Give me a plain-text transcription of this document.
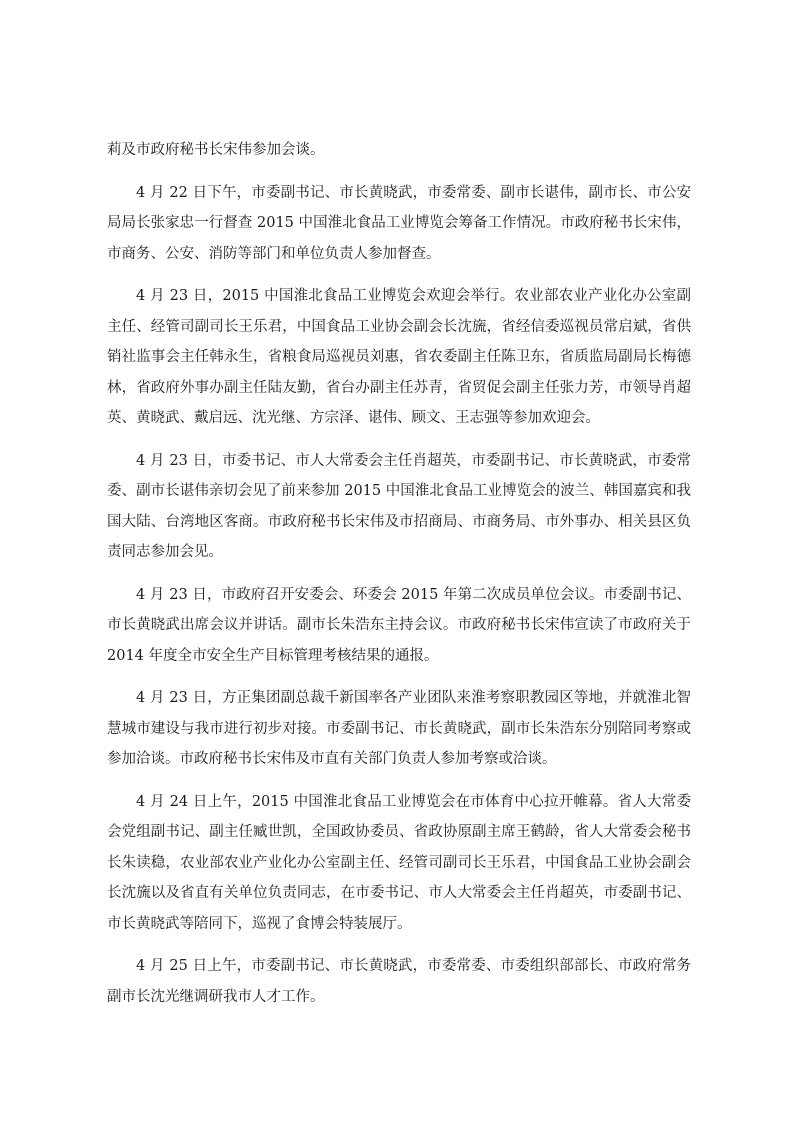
莉及市政府秘书长宋伟参加会谈。

4 月 22 日下午，市委副书记、市长黄晓武，市委常委、副市长谌伟，副市长、市公安局局长张家忠一行督查 2015 中国淮北食品工业博览会筹备工作情况。市政府秘书长宋伟，市商务、公安、消防等部门和单位负责人参加督查。

4 月 23 日，2015 中国淮北食品工业博览会欢迎会举行。农业部农业产业化办公室副主任、经管司副司长王乐君，中国食品工业协会副会长沈旒，省经信委巡视员常启斌，省供销社监事会主任韩永生，省粮食局巡视员刘惠，省农委副主任陈卫东，省质监局副局长梅德林，省政府外事办副主任陆友勤，省台办副主任苏青，省贸促会副主任张力芳，市领导肖超英、黄晓武、戴启远、沈光继、方宗泽、谌伟、顾文、王志强等参加欢迎会。

4 月 23 日，市委书记、市人大常委会主任肖超英，市委副书记、市长黄晓武，市委常委、副市长谌伟亲切会见了前来参加 2015 中国淮北食品工业博览会的波兰、韩国嘉宾和我国大陆、台湾地区客商。市政府秘书长宋伟及市招商局、市商务局、市外事办、相关县区负责同志参加会见。

4 月 23 日，市政府召开安委会、环委会 2015 年第二次成员单位会议。市委副书记、市长黄晓武出席会议并讲话。副市长朱浩东主持会议。市政府秘书长宋伟宣读了市政府关于 2014 年度全市安全生产目标管理考核结果的通报。

4 月 23 日，方正集团副总裁千新国率各产业团队来淮考察职教园区等地，并就淮北智慧城市建设与我市进行初步对接。市委副书记、市长黄晓武，副市长朱浩东分别陪同考察或参加洽谈。市政府秘书长宋伟及市直有关部门负责人参加考察或洽谈。

4 月 24 日上午，2015 中国淮北食品工业博览会在市体育中心拉开帷幕。省人大常委会党组副书记、副主任臧世凯，全国政协委员、省政协原副主席王鹤龄，省人大常委会秘书长朱读稳，农业部农业产业化办公室副主任、经管司副司长王乐君，中国食品工业协会副会长沈旒以及省直有关单位负责同志，在市委书记、市人大常委会主任肖超英，市委副书记、市长黄晓武等陪同下，巡视了食博会特装展厅。

4 月 25 日上午，市委副书记、市长黄晓武，市委常委、市委组织部部长、市政府常务副市长沈光继调研我市人才工作。
